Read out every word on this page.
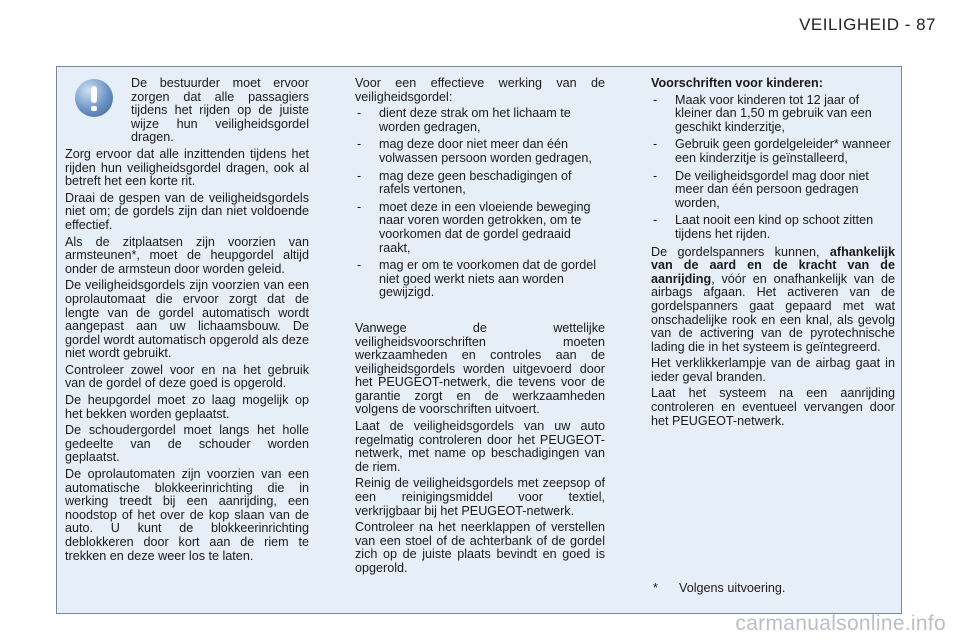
VEILIGHEID - 87

De bestuurder moet ervoor zorgen dat alle passagiers tijdens het rijden op de juiste wijze hun veiligheidsgordel dragen.

Zorg ervoor dat alle inzittenden tijdens het rijden hun veiligheidsgordel dragen, ook al betreft het een korte rit.

Draai de gespen van de veiligheidsgordels niet om; de gordels zijn dan niet voldoende effectief.

Als de zitplaatsen zijn voorzien van armsteunen*, moet de heupgordel altijd onder de armsteun door worden geleid.

De veiligheidsgordels zijn voorzien van een oprolautomaat die ervoor zorgt dat de lengte van de gordel automatisch wordt aangepast aan uw lichaamsbouw. De gordel wordt automatisch opgerold als deze niet wordt gebruikt.

Controleer zowel voor en na het gebruik van de gordel of deze goed is opgerold.

De heupgordel moet zo laag mogelijk op het bekken worden geplaatst.

De schoudergordel moet langs het holle gedeelte van de schouder worden geplaatst.

De oprolautomaten zijn voorzien van een automatische blokkeerinrichting die in werking treedt bij een aanrijding, een noodstop of het over de kop slaan van de auto. U kunt de blokkeerinrichting deblokkeren door kort aan de riem te trekken en deze weer los te laten.

Voor een effectieve werking van de veiligheidsgordel:

- dient deze strak om het lichaam te worden gedragen,
- mag deze door niet meer dan één volwassen persoon worden gedragen,
- mag deze geen beschadigingen of rafels vertonen,
- moet deze in een vloeiende beweging naar voren worden getrokken, om te voorkomen dat de gordel gedraaid raakt,
- mag er om te voorkomen dat de gordel niet goed werkt niets aan worden gewijzigd.

Vanwege de wettelijke veiligheidsvoorschriften moeten werkzaamheden en controles aan de veiligheidsgordels worden uitgevoerd door het PEUGEOT-netwerk, die tevens voor de garantie zorgt en de werkzaamheden volgens de voorschriften uitvoert.

Laat de veiligheidsgordels van uw auto regelmatig controleren door het PEUGEOT-netwerk, met name op beschadigingen van de riem.

Reinig de veiligheidsgordels met zeepsop of een reinigingsmiddel voor textiel, verkrijgbaar bij het PEUGEOT-netwerk.

Controleer na het neerklappen of verstellen van een stoel of de achterbank of de gordel zich op de juiste plaats bevindt en goed is opgerold.

Voorschriften voor kinderen:

- Maak voor kinderen tot 12 jaar of kleiner dan 1,50 m gebruik van een geschikt kinderzitje,
- Gebruik geen gordelgeleider* wanneer een kinderzitje is geïnstalleerd,
- De veiligheidsgordel mag door niet meer dan één persoon gedragen worden,
- Laat nooit een kind op schoot zitten tijdens het rijden.

De gordelspanners kunnen, afhankelijk van de aard en de kracht van de aanrijding, vóór en onafhankelijk van de airbags afgaan. Het activeren van de gordelspanners gaat gepaard met wat onschadelijke rook en een knal, als gevolg van de activering van de pyrotechnische lading die in het systeem is geïntegreerd.

Het verklikkerlampje van de airbag gaat in ieder geval branden.

Laat het systeem na een aanrijding controleren en eventueel vervangen door het PEUGEOT-netwerk.

* Volgens uitvoering.
carmanualsonline.info
